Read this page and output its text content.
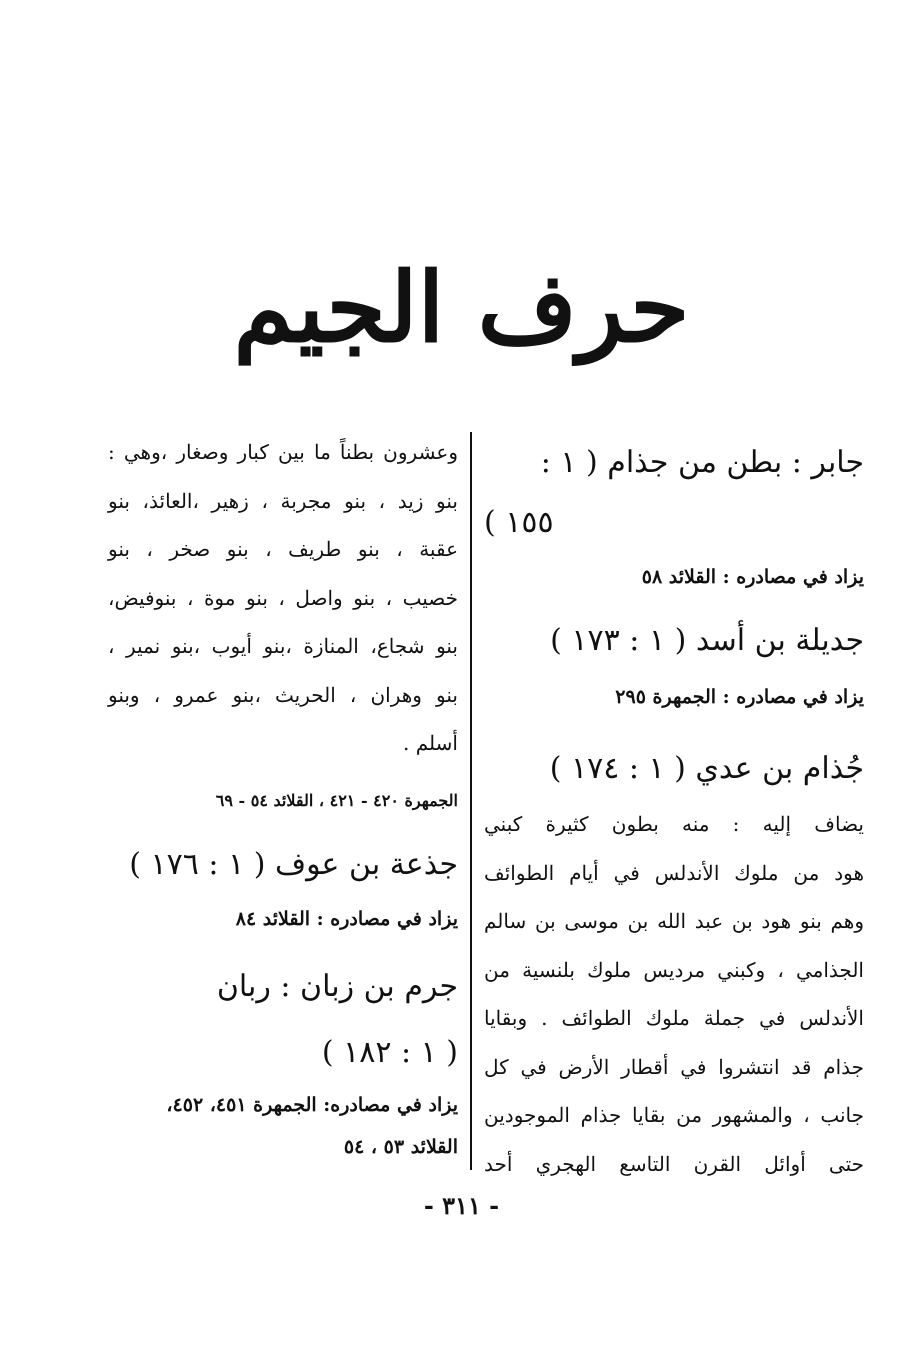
حرف الجيم
جابر : بطن من جذام ( ١ :
١٥٥ )
يزاد في مصادره : القلائد ٥٨
جديلة بن أسد ( ١ : ١٧٣ )
يزاد في مصادره : الجمهرة ٢٩٥
جُذام بن عدي ( ١ : ١٧٤ )
يضاف إليه : منه بطون كثيرة كبني
هود من ملوك الأندلس في أيام الطوائف
وهم بنو هود بن عبد الله بن موسى بن سالم
الجذامي ، وكبني مرديس ملوك بلنسية من
الأندلس في جملة ملوك الطوائف . وبقايا
جذام قد انتشروا في أقطار الأرض في كل
جانب ، والمشهور من بقايا جذام الموجودين
حتى أوائل القرن التاسع الهجري أحد
وعشرون بطناً ما بين كبار وصغار ،وهي :
بنو زيد ، بنو مجربة ، زهير ،العائذ، بنو
عقبة ، بنو طريف ، بنو صخر ، بنو
خصيب ، بنو واصل ، بنو موة ، بنوفيض،
بنو شجاع، المنازة ،بنو أيوب ،بنو نمير ،
بنو وهران ، الحريث ،بنو عمرو ، وبنو
أسلم .
الجمهرة ٤٢٠ - ٤٢١ ، القلائد ٥٤ - ٦٩
جذعة بن عوف ( ١ : ١٧٦ )
يزاد في مصادره : القلائد ٨٤
جرم بن زبان : ربان
( ١ : ١٨٢ )
يزاد في مصادره: الجمهرة ٤٥١، ٤٥٢،
القلائد ٥٣ ، ٥٤
- ٣١١ -
